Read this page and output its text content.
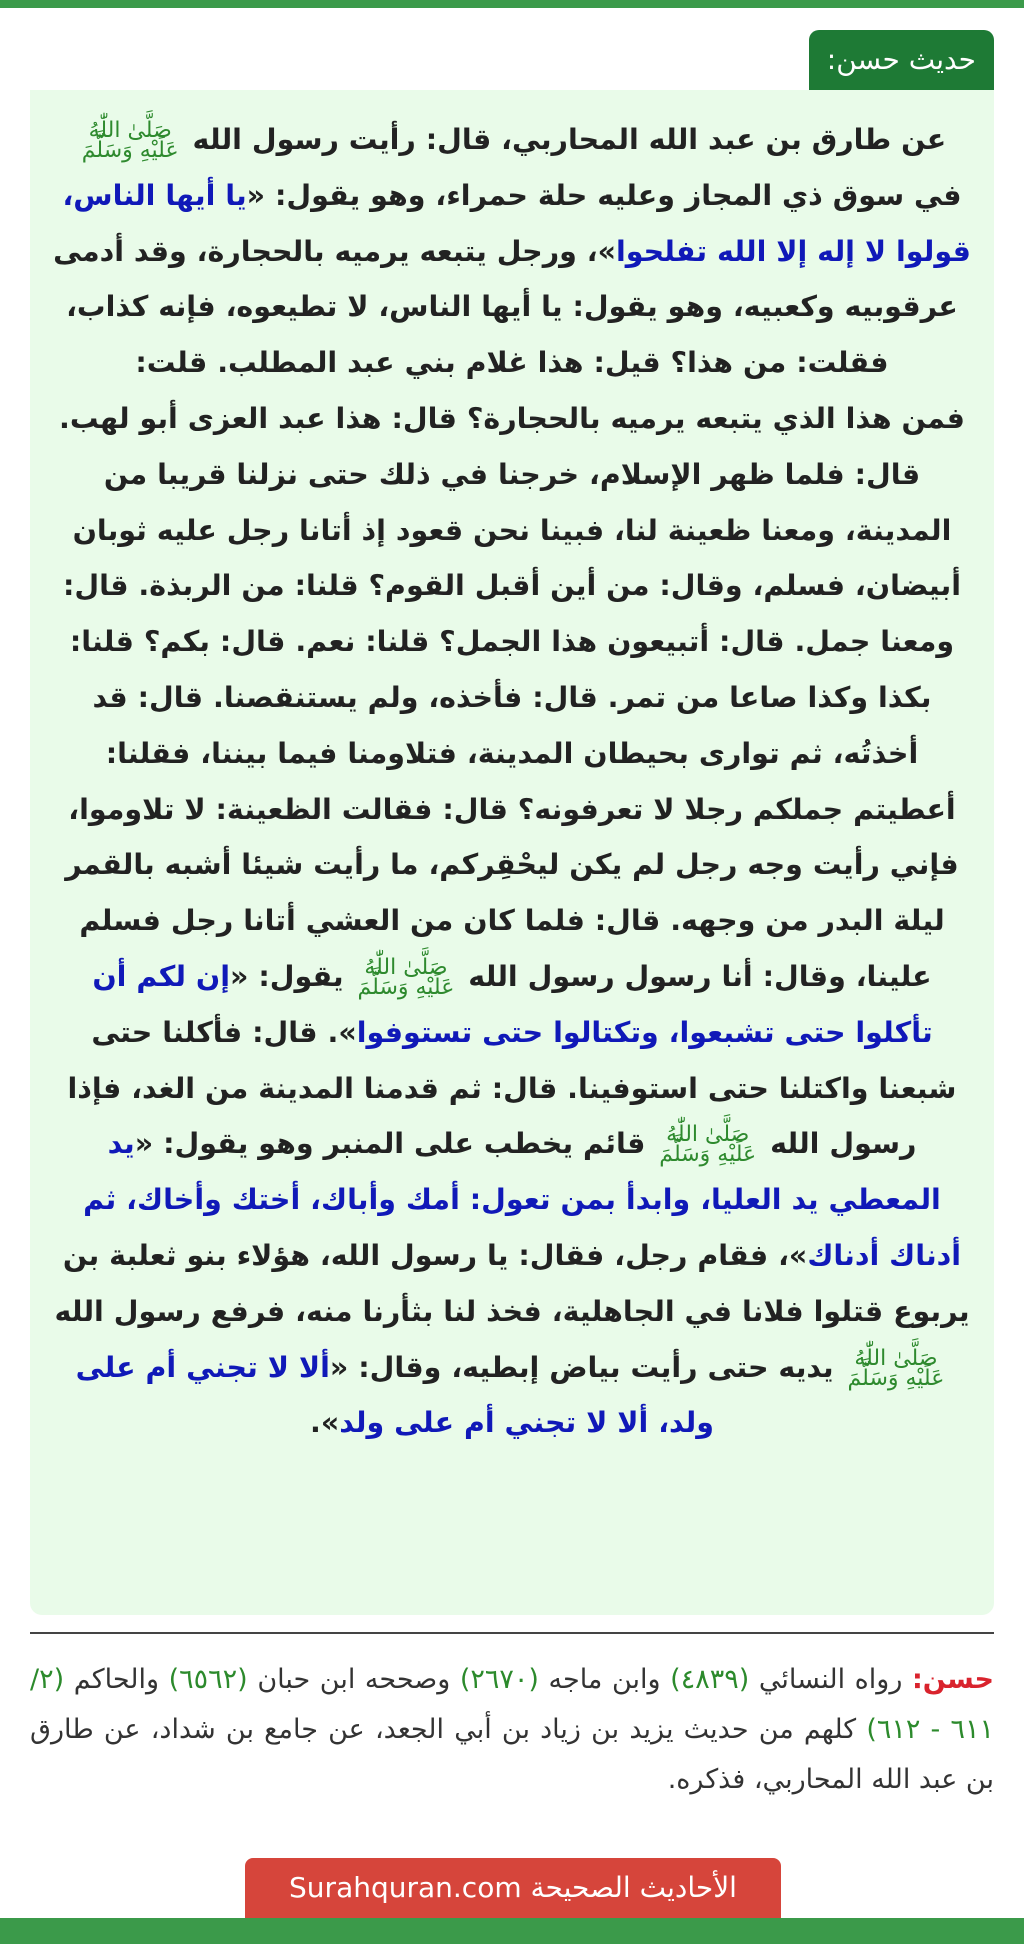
حديث حسن:

عن طارق بن عبد الله المحاربي، قال: رأيت رسول الله
صَلَّىٰ اللّٰهُ
عَلَيْهِ وَسَلَّمَ
في سوق ذي المجاز وعليه حلة حمراء، وهو يقول: «يا أيها الناس، قولوا لا إله إلا الله تفلحوا»، ورجل يتبعه يرميه بالحجارة، وقد أدمى عرقوبيه وكعبيه، وهو يقول: يا أيها الناس، لا تطيعوه، فإنه كذاب، فقلت: من هذا؟ قيل: هذا غلام بني عبد المطلب. قلت:
فمن هذا الذي يتبعه يرميه بالحجارة؟ قال: هذا عبد العزى أبو لهب. قال: فلما ظهر الإسلام، خرجنا في ذلك حتى نزلنا قريبا من المدينة، ومعنا ظعينة لنا، فبينا نحن قعود إذ أتانا رجل عليه ثوبان أبيضان، فسلم، وقال: من أين أقبل القوم؟ قلنا: من الربذة. قال: ومعنا جمل. قال: أتبيعون هذا الجمل؟ قلنا: نعم. قال: بكم؟ قلنا: بكذا وكذا صاعا من تمر. قال: فأخذه، ولم يستنقصنا. قال: قد أخذتُه، ثم توارى بحيطان المدينة، فتلاومنا فيما بيننا، فقلنا: أعطيتم جملكم رجلا لا تعرفونه؟ قال: فقالت الظعينة: لا تلاوموا، فإني رأيت وجه رجل لم يكن ليحْقِركم، ما رأيت شيئا أشبه بالقمر ليلة البدر من وجهه. قال: فلما كان من العشي أتانا رجل فسلم علينا، وقال: أنا رسول رسول الله
صَلَّىٰ اللّٰهُ
عَلَيْهِ وَسَلَّمَ
يقول: «إن لكم أن تأكلوا حتى تشبعوا، وتكتالوا حتى تستوفوا». قال: فأكلنا حتى شبعنا واكتلنا حتى استوفينا. قال: ثم قدمنا المدينة من الغد، فإذا رسول الله
صَلَّىٰ اللّٰهُ
عَلَيْهِ وَسَلَّمَ
قائم يخطب على المنبر وهو يقول: «يد المعطي يد العليا، وابدأ بمن تعول: أمك وأباك، أختك وأخاك، ثم أدناك أدناك»، فقام رجل، فقال: يا رسول الله، هؤلاء بنو ثعلبة بن يربوع قتلوا فلانا في الجاهلية، فخذ لنا بثأرنا منه، فرفع رسول الله
صَلَّىٰ اللّٰهُ
عَلَيْهِ وَسَلَّمَ
يديه حتى رأيت بياض إبطيه، وقال: «ألا لا تجني أم على ولد، ألا لا تجني أم على ولد».

حسن: رواه النسائي (٤٨٣٩) وابن ماجه (٢٦٧٠) وصححه ابن حبان (٦٥٦٢) والحاكم (٢/ ٦١١ - ٦١٢) كلهم من حديث يزيد بن زياد بن أبي الجعد، عن جامع بن شداد، عن طارق بن عبد الله المحاربي، فذكره.

الأحاديث الصحيحة Surahquran.com
